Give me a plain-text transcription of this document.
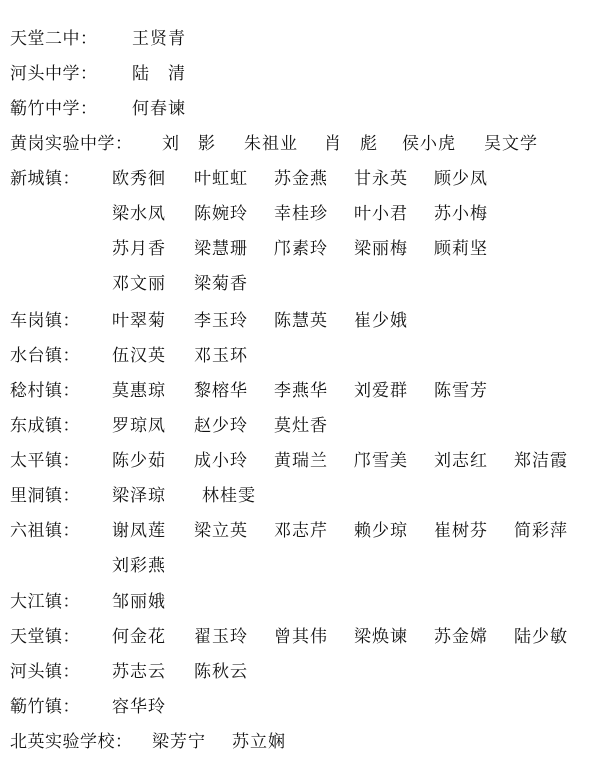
天堂二中： 王贤青
河头中学： 陆　清
簕竹中学： 何春谏
黄岗实验中学： 刘　影 朱祖业 肖　彪 侯小虎 吴文学
新城镇： 欧秀徊 叶虹虹 苏金燕 甘永英 顾少凤
梁水凤 陈婉玲 幸桂珍 叶小君 苏小梅
苏月香 梁慧珊 邝素玲 梁丽梅 顾莉坚
邓文丽 梁菊香
车岗镇： 叶翠菊 李玉玲 陈慧英 崔少娥
水台镇： 伍汉英 邓玉环
稔村镇： 莫惠琼 黎榕华 李燕华 刘爱群 陈雪芳
东成镇： 罗琼凤 赵少玲 莫灶香
太平镇： 陈少茹 成小玲 黄瑞兰 邝雪美 刘志红 郑洁霞
里洞镇： 梁泽琼 林桂雯
六祖镇： 谢凤莲 梁立英 邓志芹 赖少琼 崔树芬 简彩萍
刘彩燕
大江镇： 邹丽娥
天堂镇： 何金花 翟玉玲 曾其伟 梁焕谏 苏金嫦 陆少敏
河头镇： 苏志云 陈秋云
簕竹镇： 容华玲
北英实验学校： 梁芳宁 苏立娴
